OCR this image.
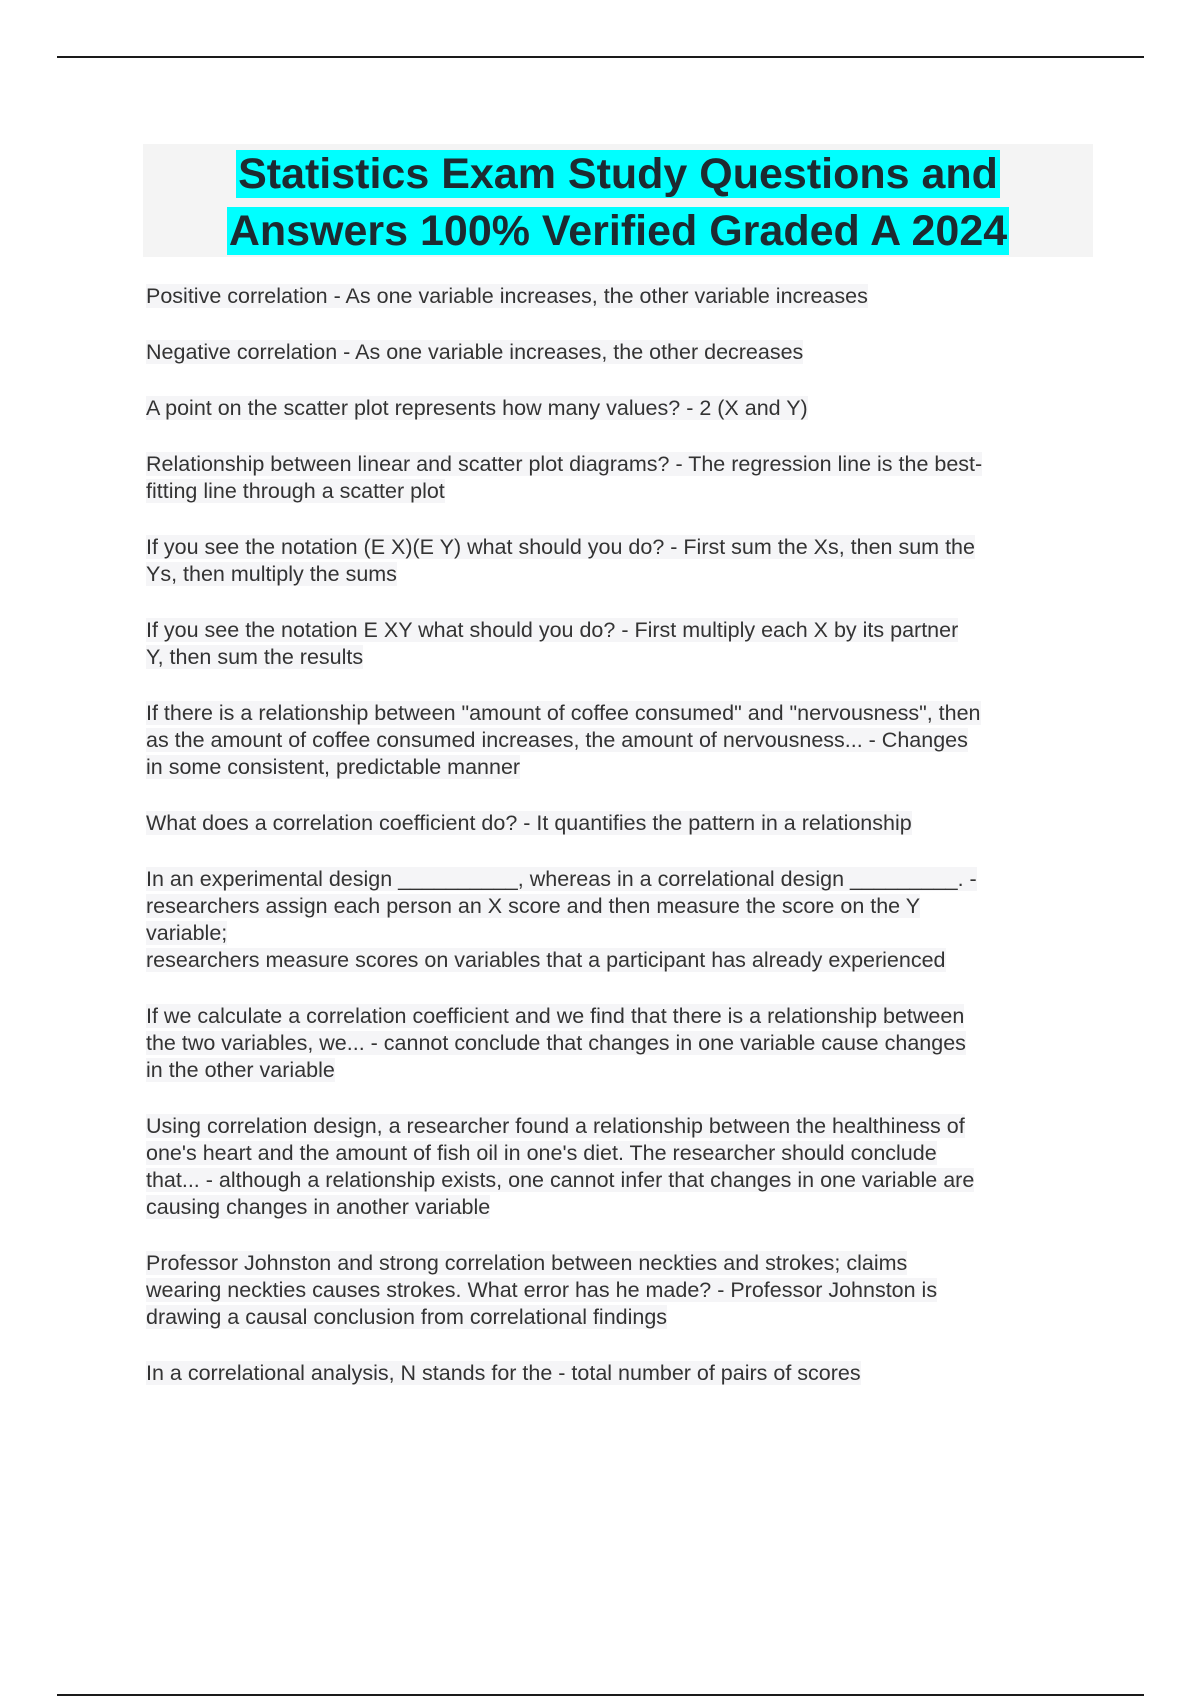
Statistics Exam Study Questions and
Answers 100% Verified Graded A 2024
Positive correlation - As one variable increases, the other variable increases
Negative correlation - As one variable increases, the other decreases
A point on the scatter plot represents how many values? - 2 (X and Y)
Relationship between linear and scatter plot diagrams? - The regression line is the best-
fitting line through a scatter plot
If you see the notation (E X)(E Y) what should you do? - First sum the Xs, then sum the
Ys, then multiply the sums
If you see the notation E XY what should you do? - First multiply each X by its partner
Y, then sum the results
If there is a relationship between "amount of coffee consumed" and "nervousness", then
as the amount of coffee consumed increases, the amount of nervousness... - Changes
in some consistent, predictable manner
What does a correlation coefficient do? - It quantifies the pattern in a relationship
In an experimental design __________, whereas in a correlational design _________. -
researchers assign each person an X score and then measure the score on the Y
variable;
researchers measure scores on variables that a participant has already experienced
If we calculate a correlation coefficient and we find that there is a relationship between
the two variables, we... - cannot conclude that changes in one variable cause changes
in the other variable
Using correlation design, a researcher found a relationship between the healthiness of
one's heart and the amount of fish oil in one's diet. The researcher should conclude
that... - although a relationship exists, one cannot infer that changes in one variable are
causing changes in another variable
Professor Johnston and strong correlation between neckties and strokes; claims
wearing neckties causes strokes. What error has he made? - Professor Johnston is
drawing a causal conclusion from correlational findings
In a correlational analysis, N stands for the - total number of pairs of scores
